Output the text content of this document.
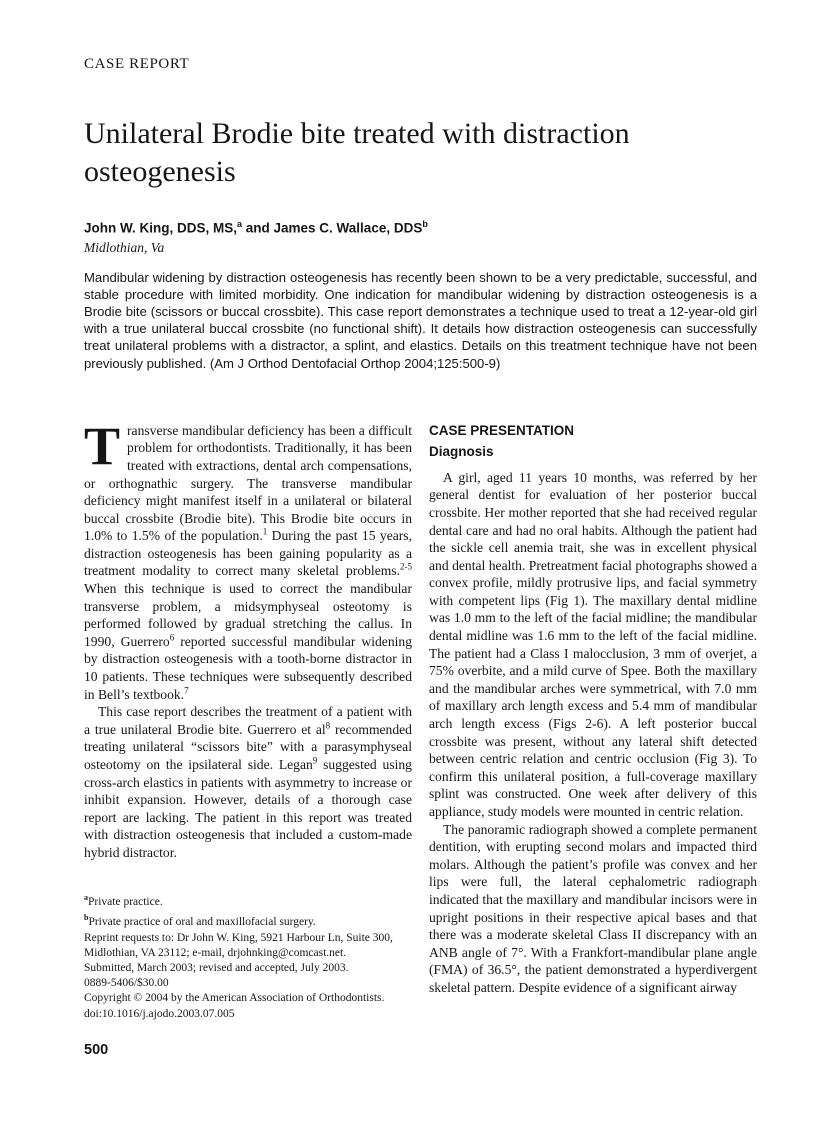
CASE REPORT
Unilateral Brodie bite treated with distraction osteogenesis
John W. King, DDS, MS,$^a$ and James C. Wallace, DDS$^b$
Midlothian, Va

Mandibular widening by distraction osteogenesis has recently been shown to be a very predictable, successful, and stable procedure with limited morbidity. One indication for mandibular widening by distraction osteogenesis is a Brodie bite (scissors or buccal crossbite). This case report demonstrates a technique used to treat a 12-year-old girl with a true unilateral buccal crossbite (no functional shift). It details how distraction osteogenesis can successfully treat unilateral problems with a distractor, a splint, and elastics. Details on this treatment technique have not been previously published. (Am J Orthod Dentofacial Orthop 2004;125:500-9)

Transverse mandibular deficiency has been a difficult problem for orthodontists. Traditionally, it has been treated with extractions, dental arch compensations, or orthognathic surgery. The transverse mandibular deficiency might manifest itself in a unilateral or bilateral buccal crossbite (Brodie bite). This Brodie bite occurs in 1.0% to 1.5% of the population.$^1$ During the past 15 years, distraction osteogenesis has been gaining popularity as a treatment modality to correct many skeletal problems.$^{2-5}$ When this technique is used to correct the mandibular transverse problem, a midsymphyseal osteotomy is performed followed by gradual stretching the callus. In 1990, Guerrero$^6$ reported successful mandibular widening by distraction osteogenesis with a tooth-borne distractor in 10 patients. These techniques were subsequently described in Bell’s textbook.$^7$

This case report describes the treatment of a patient with a true unilateral Brodie bite. Guerrero et $al^8$ recommended treating unilateral “scissors bite” with a parasymphyseal osteotomy on the ipsilateral side. Legan$^9$ suggested using cross-arch elastics in patients with asymmetry to increase or inhibit expansion. However, details of a thorough case report are lacking. The patient in this report was treated with distraction osteogenesis that included a custom-made hybrid distractor.

$^a$Private practice.
$^b$Private practice of oral and maxillofacial surgery.
Reprint requests to: Dr John W. King, 5921 Harbour Ln, Suite 300, Midlothian, VA 23112; e-mail, drjohnking@comcast.net.
Submitted, March 2003; revised and accepted, July 2003.
0889-5406/$30.00
Copyright © 2004 by the American Association of Orthodontists.
doi:10.1016/j.ajodo.2003.07.005
CASE PRESENTATION
Diagnosis

A girl, aged 11 years 10 months, was referred by her general dentist for evaluation of her posterior buccal crossbite. Her mother reported that she had received regular dental care and had no oral habits. Although the patient had the sickle cell anemia trait, she was in excellent physical and dental health. Pretreatment facial photographs showed a convex profile, mildly protrusive lips, and facial symmetry with competent lips (Fig 1). The maxillary dental midline was 1.0 mm to the left of the facial midline; the mandibular dental midline was 1.6 mm to the left of the facial midline. The patient had a Class I malocclusion, 3 mm of overjet, a 75% overbite, and a mild curve of Spee. Both the maxillary and the mandibular arches were symmetrical, with 7.0 mm of maxillary arch length excess and 5.4 mm of mandibular arch length excess (Figs 2-6). A left posterior buccal crossbite was present, without any lateral shift detected between centric relation and centric occlusion (Fig 3). To confirm this unilateral position, a full-coverage maxillary splint was constructed. One week after delivery of this appliance, study models were mounted in centric relation.

The panoramic radiograph showed a complete permanent dentition, with erupting second molars and impacted third molars. Although the patient’s profile was convex and her lips were full, the lateral cephalometric radiograph indicated that the maxillary and mandibular incisors were in upright positions in their respective apical bases and that there was a moderate skeletal Class II discrepancy with an ANB angle of 7°. With a Frankfort-mandibular plane angle (FMA) of 36.5°, the patient demonstrated a hyperdivergent skeletal pattern. Despite evidence of a significant airway

500
